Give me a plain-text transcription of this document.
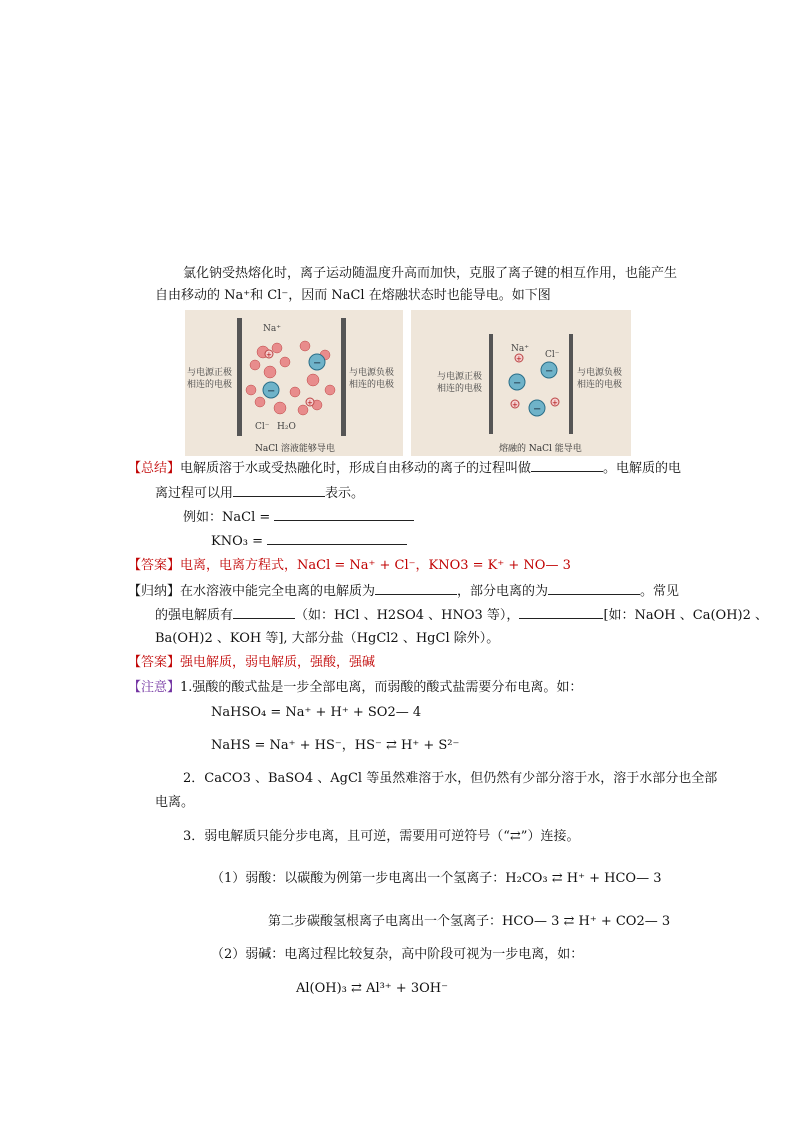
氯化钠受热熔化时，离子运动随温度升高而加快，克服了离子键的相互作用，也能产生
自由移动的 Na⁺和 Cl⁻，因而 NaCl 在熔融状态时也能导电。如下图
−
−
+
+
Na⁺
Cl⁻ H₂O
与电源正极
相连的电极
与电源负极
相连的电极
NaCl 溶液能够导电
+
−
−
+ −
+
Na⁺
Cl⁻
与电源正极
相连的电极
与电源负极
相连的电极
熔融的 NaCl 能导电
【总结】电解质溶于水或受热融化时，形成自由移动的离子的过程叫做	。电解质的电
离过程可以用	表示。
例如：NaCl =
KNO₃ =
【答案】电离，电离方程式，NaCl = Na⁺ + Cl⁻，KNO3 = K⁺ + NO— 3
【归纳】在水溶液中能完全电离的电解质为	，部分电离的为	。常见
的强电解质有	（如：HCl 、H2SO4 、HNO3 等），	[如：NaOH 、Ca(OH)2 、
Ba(OH)2 、KOH 等], 大部分盐（HgCl2 、HgCl 除外）。
【答案】强电解质，弱电解质，强酸，强碱
【注意】1.强酸的酸式盐是一步全部电离，而弱酸的酸式盐需要分布电离。如：
NaHSO₄ = Na⁺ + H⁺ + SO2— 4
NaHS = Na⁺ + HS⁻，HS⁻ ⇄ H⁺ + S²⁻
2．CaCO3 、BaSO4 、AgCl 等虽然难溶于水，但仍然有少部分溶于水，溶于水部分也全部
电离。
3．弱电解质只能分步电离，且可逆，需要用可逆符号（“⇄”）连接。
（1）弱酸：以碳酸为例第一步电离出一个氢离子：H₂CO₃ ⇄ H⁺ + HCO— 3
第二步碳酸氢根离子电离出一个氢离子：HCO— 3 ⇄ H⁺ + CO2— 3
（2）弱碱：电离过程比较复杂，高中阶段可视为一步电离，如：
Al(OH)₃ ⇄ Al³⁺ + 3OH⁻
